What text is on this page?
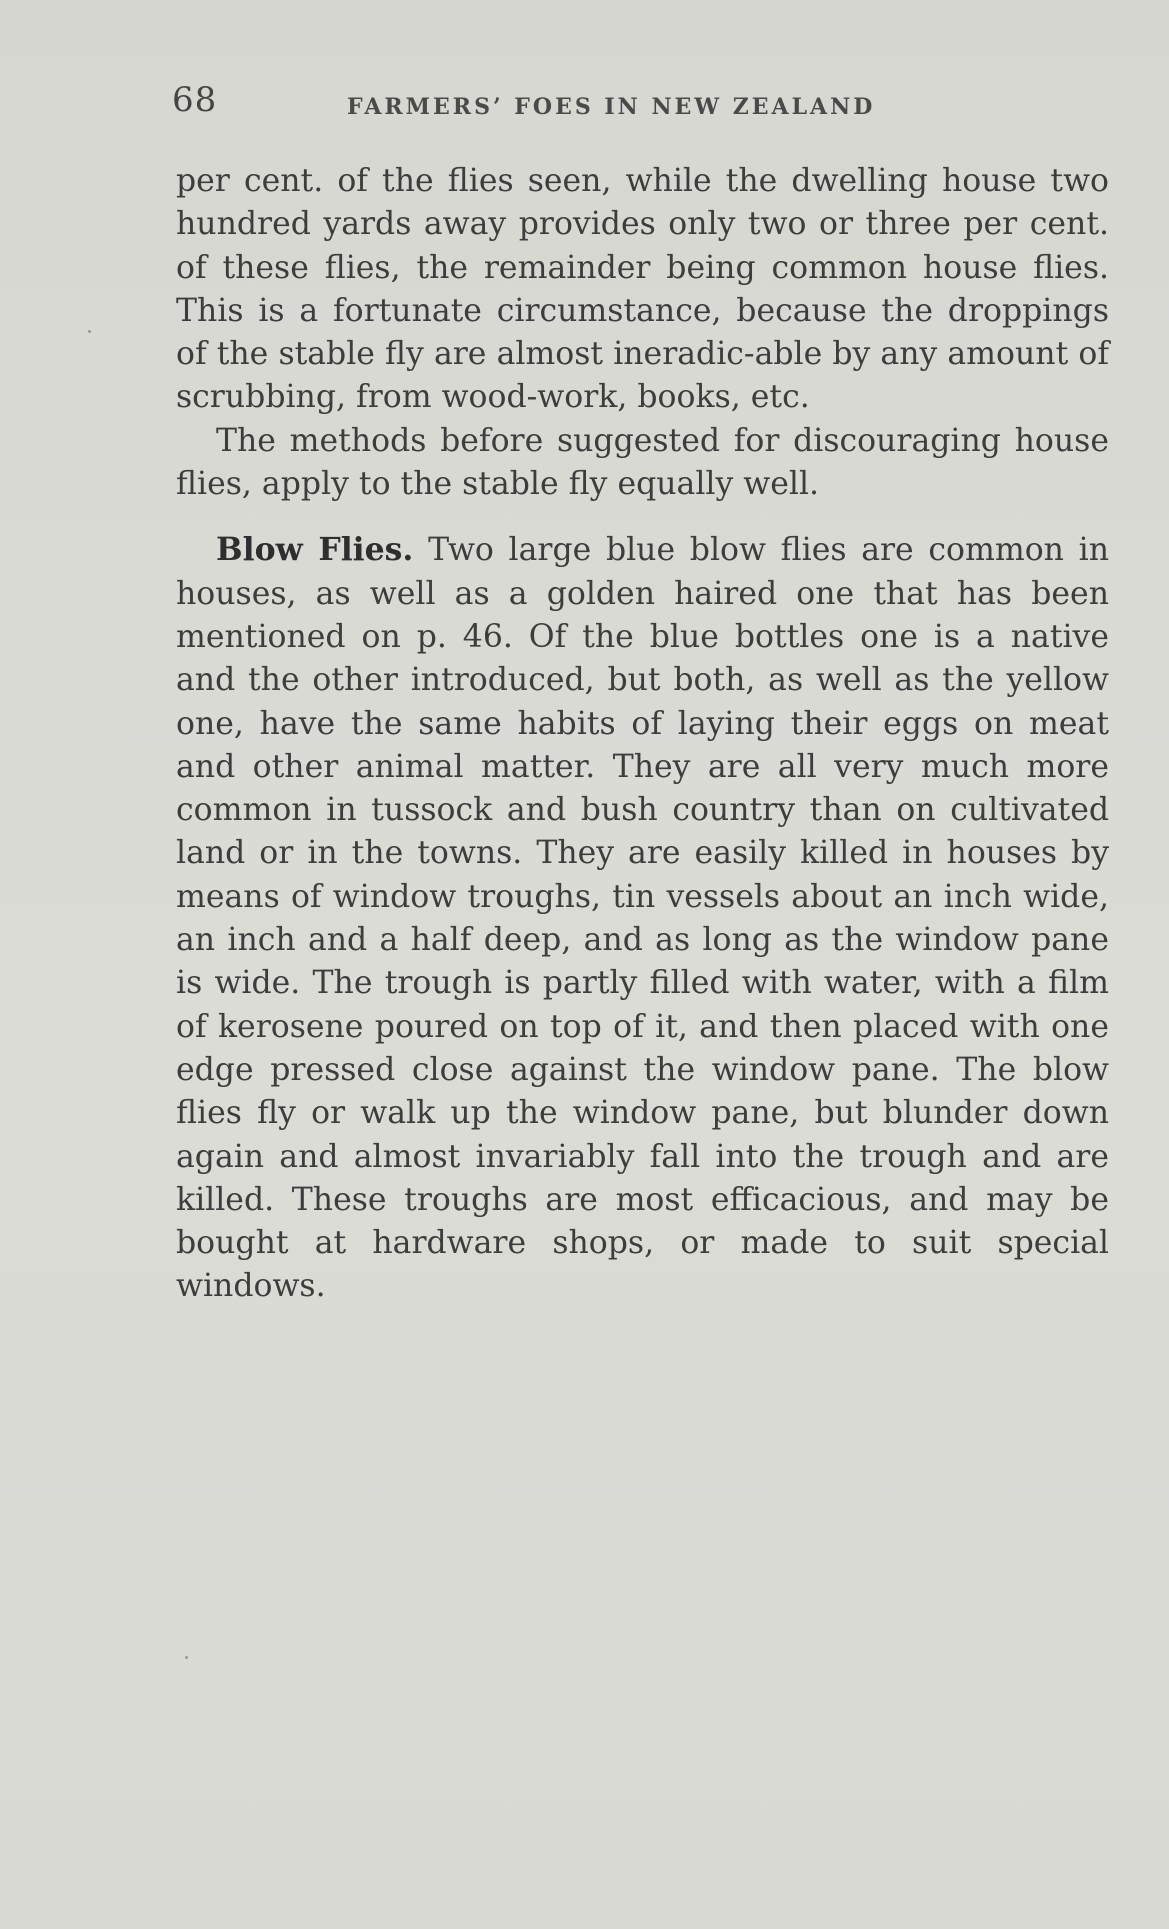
68	FARMERS’ FOES IN NEW ZEALAND

per cent. of the flies seen, while the dwelling house two hundred yards away provides only two or three per cent. of these flies, the remainder being common house flies. This is a fortunate circumstance, because the droppings of the stable fly are almost ineradic-able by any amount of scrubbing, from wood-work, books, etc.

The methods before suggested for discouraging house flies, apply to the stable fly equally well.

Blow Flies. Two large blue blow flies are common in houses, as well as a golden haired one that has been mentioned on p. 46. Of the blue bottles one is a native and the other introduced, but both, as well as the yellow one, have the same habits of laying their eggs on meat and other animal matter. They are all very much more common in tussock and bush country than on cultivated land or in the towns. They are easily killed in houses by means of window troughs, tin vessels about an inch wide, an inch and a half deep, and as long as the window pane is wide. The trough is partly filled with water, with a film of kerosene poured on top of it, and then placed with one edge pressed close against the window pane. The blow flies fly or walk up the window pane, but blunder down again and almost invariably fall into the trough and are killed. These troughs are most efficacious, and may be bought at hardware shops, or made to suit special windows.
